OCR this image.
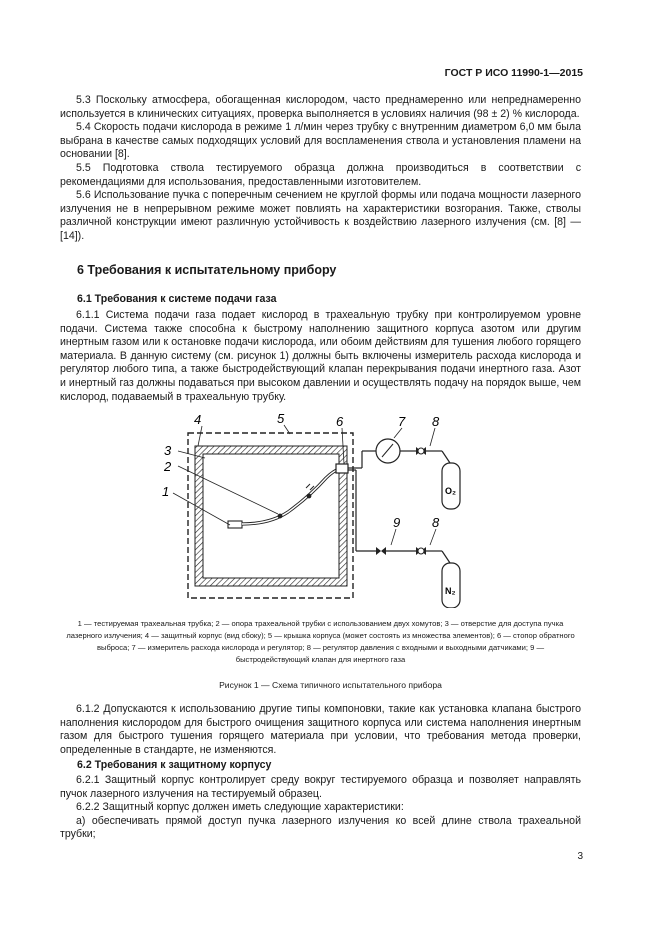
ГОСТ Р ИСО 11990-1—2015

5.3 Поскольку атмосфера, обогащенная кислородом, часто преднамеренно или непреднамеренно используется в клинических ситуациях, проверка выполняется в условиях наличия (98 ± 2) % кислорода.

5.4 Скорость подачи кислорода в режиме 1 л/мин через трубку с внутренним диаметром 6,0 мм была выбрана в качестве самых подходящих условий для воспламенения ствола и установления пламени на основании [8].

5.5 Подготовка ствола тестируемого образца должна производиться в соответствии с рекомендациями для использования, предоставленными изготовителем.

5.6 Использование пучка с поперечным сечением не круглой формы или подача мощности лазерного излучения не в непрерывном режиме может повлиять на характеристики возгорания. Также, стволы различной конструкции имеют различную устойчивость к воздействию лазерного излучения (см. [8] — [14]).

6 Требования к испытательному прибору
6.1 Требования к системе подачи газа

6.1.1 Система подачи газа подает кислород в трахеальную трубку при контролируемом уровне подачи. Система также способна к быстрому наполнению защитного корпуса азотом или другим инертным газом или к остановке подачи кислорода, или обоим действиям для тушения любого горящего материала. В данную систему (см. рисунок 1) должны быть включены измеритель расхода кислорода и регулятор любого типа, а также быстродействующий клапан перекрывания подачи инертного газа. Азот и инертный газ должны подаваться при высоком давлении и осуществлять подачу на порядок выше, чем кислород, подаваемый в трахеальную трубку.

1
2
3
4	5	6	7 8
8
9
O₂
N₂
1 — тестируемая трахеальная трубка; 2 — опора трахеальной трубки с использованием двух хомутов; 3 — отверстие для доступа пучка лазерного излучения; 4 — защитный корпус (вид сбоку); 5 — крышка корпуса (может состоять из множества элементов); 6 — стопор обратного выброса; 7 — измеритель расхода кислорода и регулятор; 8 — регулятор давления с входными и выходными датчиками; 9 — быстродействующий клапан для инертного газа
Рисунок 1 — Схема типичного испытательного прибора

6.1.2 Допускаются к использованию другие типы компоновки, такие как установка клапана быстрого наполнения кислородом для быстрого очищения защитного корпуса или система наполнения инертным газом для быстрого тушения горящего материала при условии, что требования метода проверки, определенные в стандарте, не изменяются.

6.2 Требования к защитному корпусу

6.2.1 Защитный корпус контролирует среду вокруг тестируемого образца и позволяет направлять пучок лазерного излучения на тестируемый образец.

6.2.2 Защитный корпус должен иметь следующие характеристики:

а) обеспечивать прямой доступ пучка лазерного излучения ко всей длине ствола трахеальной трубки;

3
